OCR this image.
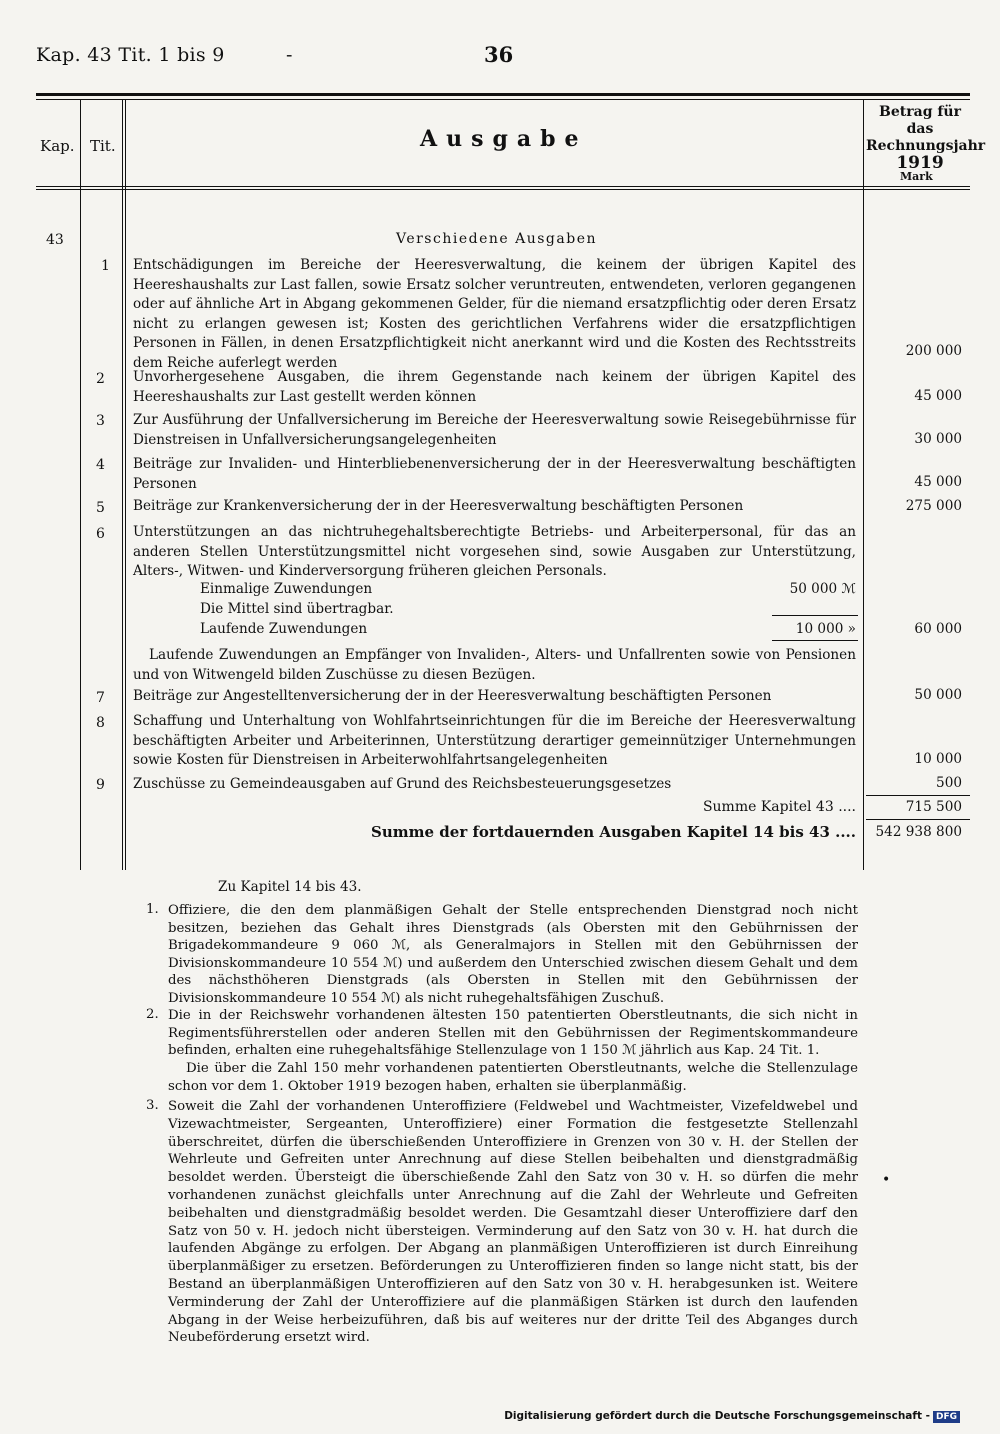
Kap. 43 Tit. 1 bis 9	-	36
Kap. Tit.	Ausgabe
Betrag für das
Rechnungsjahr
1919
Mark
43	Verschiedene Ausgaben
1 Entschädigungen im Bereiche der Heeresverwaltung, die keinem der übrigen Kapitel des Heereshaushalts zur Last fallen, sowie Ersatz solcher veruntreuten, entwendeten, verloren gegangenen oder auf ähnliche Art in Abgang gekommenen Gelder, für die niemand ersatzpflichtig oder deren Ersatz nicht zu erlangen gewesen ist; Kosten des gerichtlichen Verfahrens wider die ersatzpflichtigen Personen in Fällen, in denen Ersatzpflichtigkeit nicht anerkannt wird und die Kosten des Rechtsstreits dem Reiche auferlegt werden
200 000
2 Unvorhergesehene Ausgaben, die ihrem Gegenstande nach keinem der übrigen Kapitel des Heereshaushalts zur Last gestellt werden können	45 000
3 Zur Ausführung der Unfallversicherung im Bereiche der Heeresverwaltung sowie Reisegebührnisse für Dienstreisen in Unfallversicherungsangelegenheiten	30 000
4 Beiträge zur Invaliden- und Hinterbliebenenversicherung der in der Heeresverwaltung beschäftigten Personen	45 000
5 Beiträge zur Krankenversicherung der in der Heeresverwaltung beschäftigten Personen	275 000
6 Unterstützungen an das nichtruhegehaltsberechtigte Betriebs- und Arbeiterpersonal, für das an anderen Stellen Unterstützungsmittel nicht vorgesehen sind, sowie Ausgaben zur Unterstützung, Alters-, Witwen- und Kinderversorgung früheren gleichen Personals.
Einmalige Zuwendungen	50 000 ℳ
Die Mittel sind übertragbar.
Laufende Zuwendungen	10 000 »	60 000
Laufende Zuwendungen an Empfänger von Invaliden-, Alters- und Unfallrenten sowie von Pensionen und von Witwengeld bilden Zuschüsse zu diesen Bezügen.
7 Beiträge zur Angestelltenversicherung der in der Heeresverwaltung beschäftigten Personen	50 000
8 Schaffung und Unterhaltung von Wohlfahrtseinrichtungen für die im Bereiche der Heeresverwaltung beschäftigten Arbeiter und Arbeiterinnen, Unterstützung derartiger gemeinnütziger Unternehmungen sowie Kosten für Dienstreisen in Arbeiterwohlfahrtsangelegenheiten	10 000
9 Zuschüsse zu Gemeindeausgaben auf Grund des Reichsbesteuerungsgesetzes	500
Summe Kapitel 43 ....	715 500
Summe der fortdauernden Ausgaben Kapitel 14 bis 43 ....	542 938 800
Zu Kapitel 14 bis 43.
1. Offiziere, die den dem planmäßigen Gehalt der Stelle entsprechenden Dienstgrad noch nicht besitzen, beziehen das Gehalt ihres Dienstgrads (als Obersten mit den Gebührnissen der Brigadekommandeure 9 060 ℳ, als Generalmajors in Stellen mit den Gebührnissen der Divisionskommandeure 10 554 ℳ) und außerdem den Unterschied zwischen diesem Gehalt und dem des nächsthöheren Dienstgrads (als Obersten in Stellen mit den Gebührnissen der Divisionskommandeure 10 554 ℳ) als nicht ruhegehaltsfähigen Zuschuß.
2. Die in der Reichswehr vorhandenen ältesten 150 patentierten Oberstleutnants, die sich nicht in Regimentsführerstellen oder anderen Stellen mit den Gebührnissen der Regimentskommandeure befinden, erhalten eine ruhegehaltsfähige Stellenzulage von 1 150 ℳ jährlich aus Kap. 24 Tit. 1.
Die über die Zahl 150 mehr vorhandenen patentierten Oberstleutnants, welche die Stellenzulage schon vor dem 1. Oktober 1919 bezogen haben, erhalten sie überplanmäßig.
3. Soweit die Zahl der vorhandenen Unteroffiziere (Feldwebel und Wachtmeister, Vizefeldwebel und Vizewachtmeister, Sergeanten, Unteroffiziere) einer Formation die festgesetzte Stellenzahl überschreitet, dürfen die überschießenden Unteroffiziere in Grenzen von 30 v. H. der Stellen der Wehrleute und Gefreiten unter Anrechnung auf diese Stellen beibehalten und dienstgradmäßig besoldet werden. Übersteigt die überschießende Zahl den Satz von 30 v. H. so dürfen die mehr vorhandenen zunächst gleichfalls unter Anrechnung auf die Zahl der Wehrleute und Gefreiten beibehalten und dienstgradmäßig besoldet werden. Die Gesamtzahl dieser Unteroffiziere darf den Satz von 50 v. H. jedoch nicht übersteigen. Verminderung auf den Satz von 30 v. H. hat durch die laufenden Abgänge zu erfolgen. Der Abgang an planmäßigen Unteroffizieren ist durch Einreihung überplanmäßiger zu ersetzen. Beförderungen zu Unteroffizieren finden so lange nicht statt, bis der Bestand an überplanmäßigen Unteroffizieren auf den Satz von 30 v. H. herabgesunken ist. Weitere Verminderung der Zahl der Unteroffiziere auf die planmäßigen Stärken ist durch den laufenden Abgang in der Weise herbeizuführen, daß bis auf weiteres nur der dritte Teil des Abganges durch Neubeförderung ersetzt wird.
•
Digitalisierung gefördert durch die Deutsche Forschungsgemeinschaft - DFG
